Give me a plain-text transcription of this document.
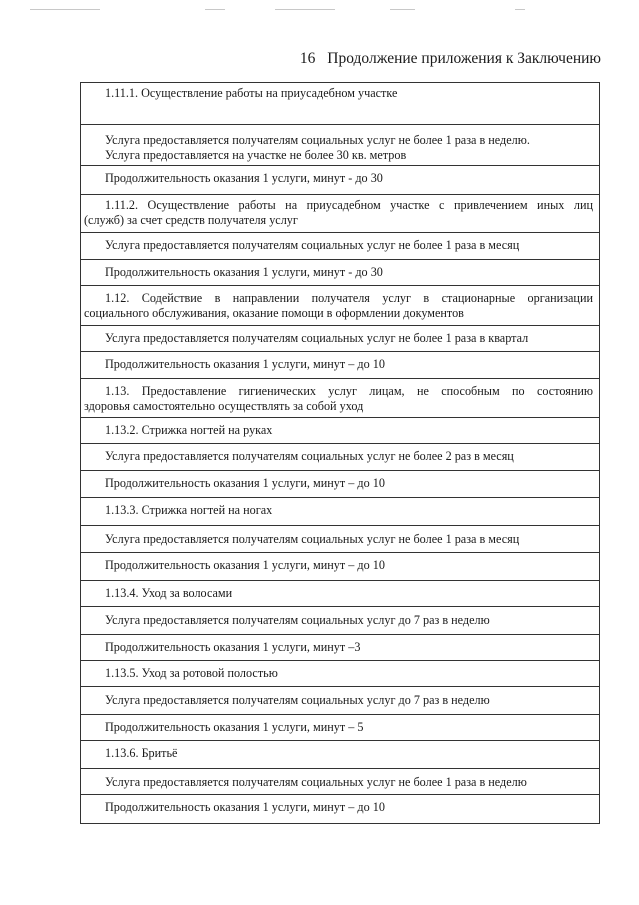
16 Продолжение приложения к Заключению
1.11.1. Осуществление работы на приусадебном участке
Услуга предоставляется получателям социальных услуг не более 1 раза в неделю.
Услуга предоставляется на участке не более 30 кв. метров
Продолжительность оказания 1 услуги, минут - до 30
1.11.2. Осуществление работы на приусадебном участке с привлечением иных лиц
(служб) за счет средств получателя услуг
Услуга предоставляется получателям социальных услуг не более 1 раза в месяц
Продолжительность оказания 1 услуги, минут - до 30
1.12. Содействие в направлении получателя услуг в стационарные организации
социального обслуживания, оказание помощи в оформлении документов
Услуга предоставляется получателям социальных услуг не более 1 раза в квартал
Продолжительность оказания 1 услуги, минут – до 10
1.13. Предоставление гигиенических услуг лицам, не способным по состоянию
здоровья самостоятельно осуществлять за собой уход
1.13.2. Стрижка ногтей на руках
Услуга предоставляется получателям социальных услуг не более 2 раз в месяц
Продолжительность оказания 1 услуги, минут – до 10
1.13.3. Стрижка ногтей на ногах
Услуга предоставляется получателям социальных услуг не более 1 раза в месяц
Продолжительность оказания 1 услуги, минут – до 10
1.13.4. Уход за волосами
Услуга предоставляется получателям социальных услуг до 7 раз в неделю
Продолжительность оказания 1 услуги, минут –3
1.13.5. Уход за ротовой полостью
Услуга предоставляется получателям социальных услуг до 7 раз в неделю
Продолжительность оказания 1 услуги, минут – 5
1.13.6. Бритьё
Услуга предоставляется получателям социальных услуг не более 1 раза в неделю
Продолжительность оказания 1 услуги, минут – до 10
